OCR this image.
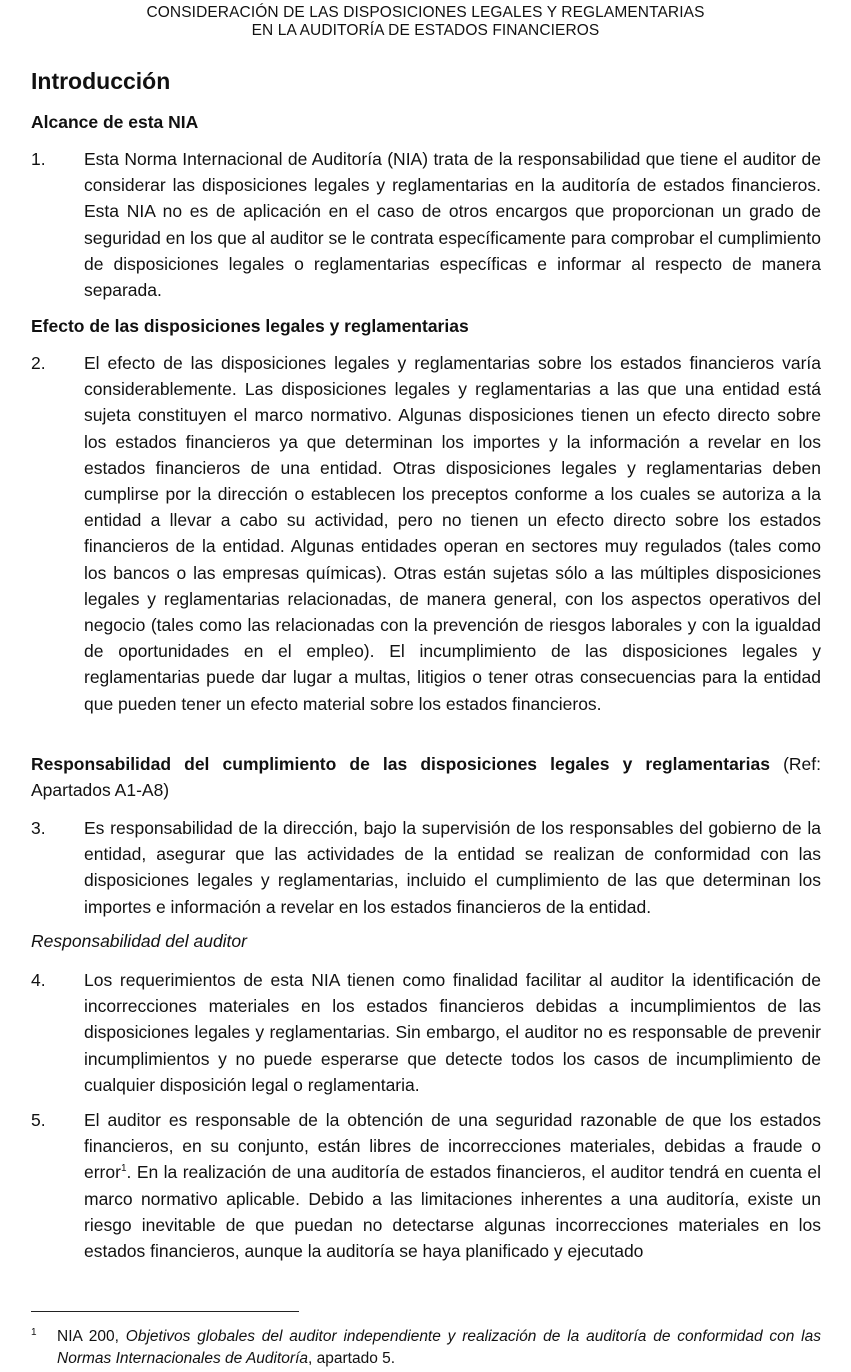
CONSIDERACIÓN DE LAS DISPOSICIONES LEGALES Y REGLAMENTARIAS
EN LA AUDITORÍA DE ESTADOS FINANCIEROS
Introducción
Alcance de esta NIA
1. Esta Norma Internacional de Auditoría (NIA) trata de la responsabilidad que tiene el auditor de considerar las disposiciones legales y reglamentarias en la auditoría de estados financieros. Esta NIA no es de aplicación en el caso de otros encargos que proporcionan un grado de seguridad en los que al auditor se le contrata específicamente para comprobar el cumplimiento de disposiciones legales o reglamentarias específicas e informar al respecto de manera separada.
Efecto de las disposiciones legales y reglamentarias
2. El efecto de las disposiciones legales y reglamentarias sobre los estados financieros varía considerablemente. Las disposiciones legales y reglamentarias a las que una entidad está sujeta constituyen el marco normativo. Algunas disposiciones tienen un efecto directo sobre los estados financieros ya que determinan los importes y la información a revelar en los estados financieros de una entidad. Otras disposiciones legales y reglamentarias deben cumplirse por la dirección o establecen los preceptos conforme a los cuales se autoriza a la entidad a llevar a cabo su actividad, pero no tienen un efecto directo sobre los estados financieros de la entidad. Algunas entidades operan en sectores muy regulados (tales como los bancos o las empresas químicas). Otras están sujetas sólo a las múltiples disposiciones legales y reglamentarias relacionadas, de manera general, con los aspectos operativos del negocio (tales como las relacionadas con la prevención de riesgos laborales y con la igualdad de oportunidades en el empleo). El incumplimiento de las disposiciones legales y reglamentarias puede dar lugar a multas, litigios o tener otras consecuencias para la entidad que pueden tener un efecto material sobre los estados financieros.
Responsabilidad del cumplimiento de las disposiciones legales y reglamentarias (Ref: Apartados A1-A8)
3. Es responsabilidad de la dirección, bajo la supervisión de los responsables del gobierno de la entidad, asegurar que las actividades de la entidad se realizan de conformidad con las disposiciones legales y reglamentarias, incluido el cumplimiento de las que determinan los importes e información a revelar en los estados financieros de la entidad.
Responsabilidad del auditor
4. Los requerimientos de esta NIA tienen como finalidad facilitar al auditor la identificación de incorrecciones materiales en los estados financieros debidas a incumplimientos de las disposiciones legales y reglamentarias. Sin embargo, el auditor no es responsable de prevenir incumplimientos y no puede esperarse que detecte todos los casos de incumplimiento de cualquier disposición legal o reglamentaria.
5. El auditor es responsable de la obtención de una seguridad razonable de que los estados financieros, en su conjunto, están libres de incorrecciones materiales, debidas a fraude o error$^1$. En la realización de una auditoría de estados financieros, el auditor tendrá en cuenta el marco normativo aplicable. Debido a las limitaciones inherentes a una auditoría, existe un riesgo inevitable de que puedan no detectarse algunas incorrecciones materiales en los estados financieros, aunque la auditoría se haya planificado y ejecutado
1 NIA 200, Objetivos globales del auditor independiente y realización de la auditoría de conformidad con las Normas Internacionales de Auditoría, apartado 5.
